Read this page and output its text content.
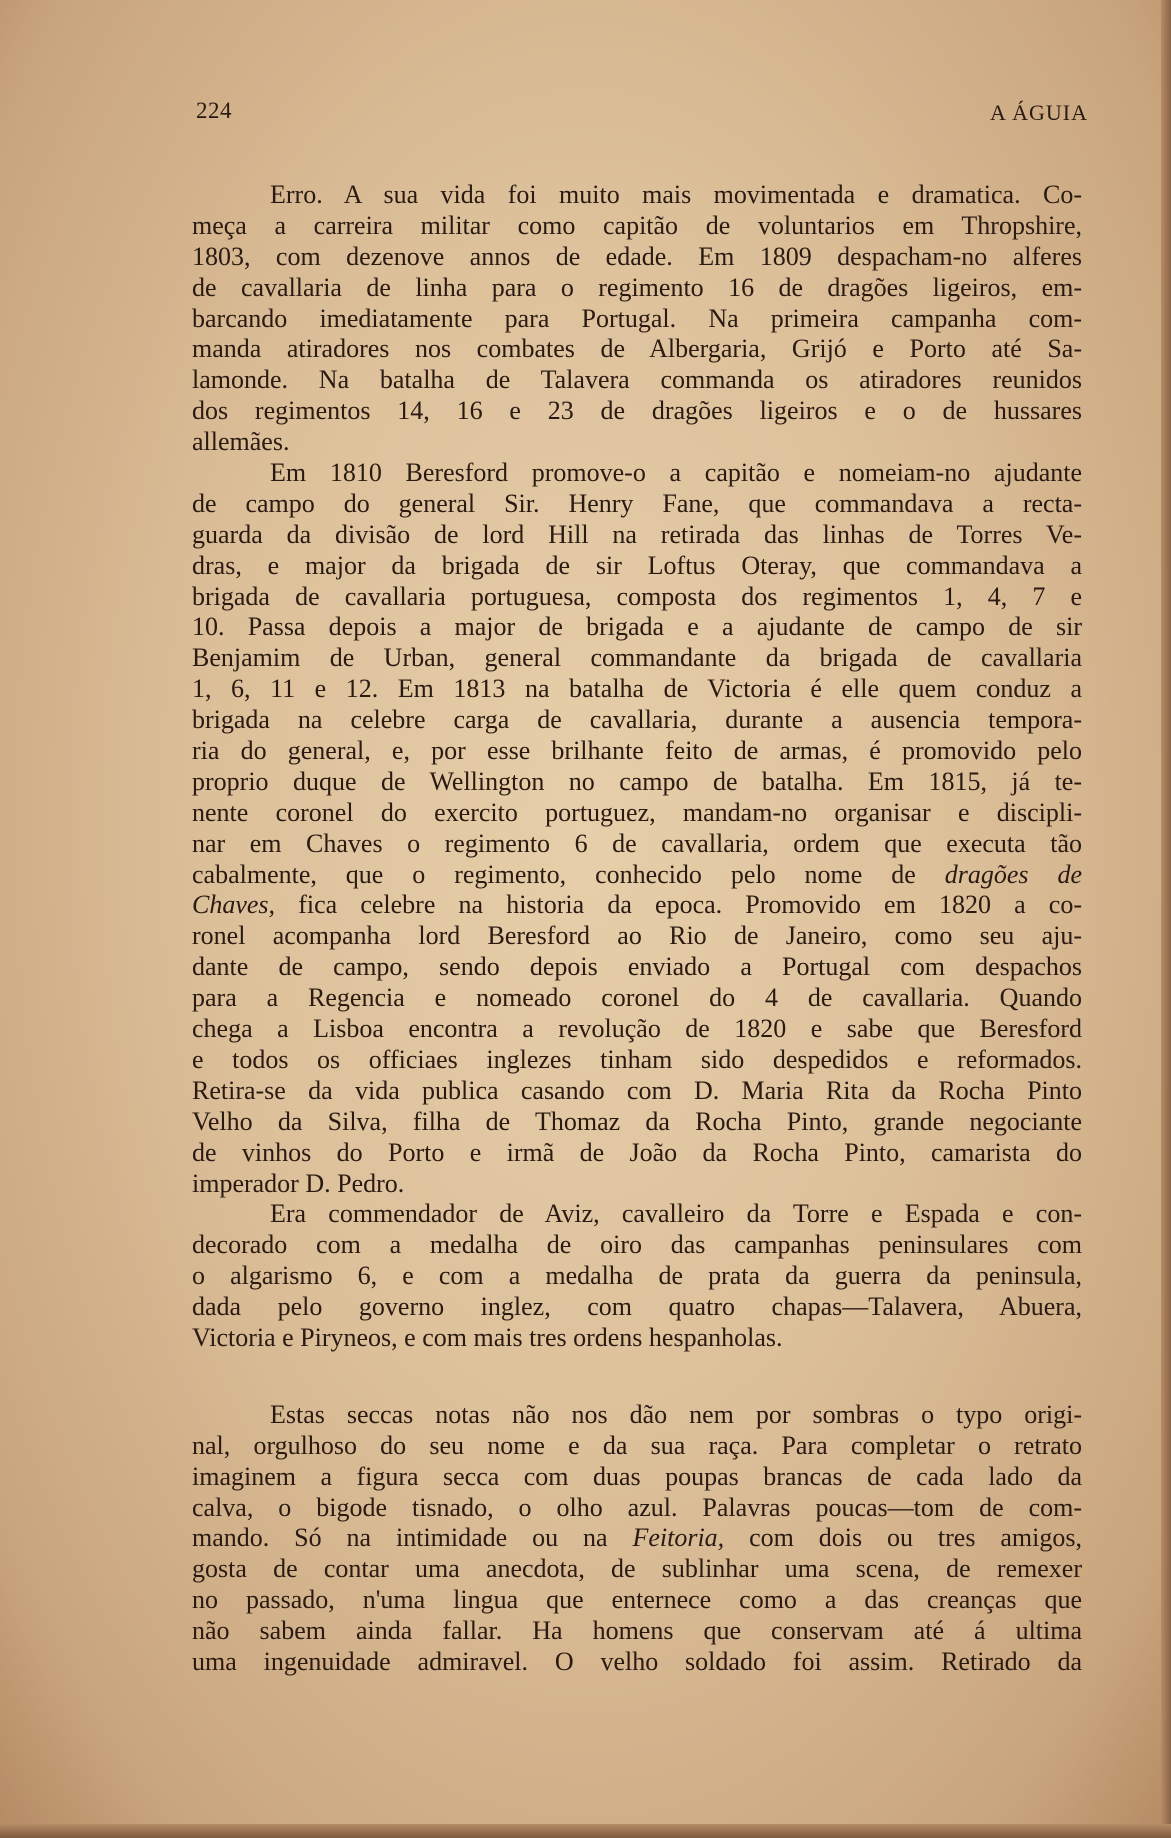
224	A ÁGUIA
Erro. A sua vida foi muito mais movimentada e dramatica. Co-
meça a carreira militar como capitão de voluntarios em Thropshire,
1803, com dezenove annos de edade. Em 1809 despacham-no alferes
de cavallaria de linha para o regimento 16 de dragões ligeiros, em-
barcando imediatamente para Portugal. Na primeira campanha com-
manda atiradores nos combates de Albergaria, Grijó e Porto até Sa-
lamonde. Na batalha de Talavera commanda os atiradores reunidos
dos regimentos 14, 16 e 23 de dragões ligeiros e o de hussares
allemães.
Em 1810 Beresford promove-o a capitão e nomeiam-no ajudante
de campo do general Sir. Henry Fane, que commandava a recta-
guarda da divisão de lord Hill na retirada das linhas de Torres Ve-
dras, e major da brigada de sir Loftus Oteray, que commandava a
brigada de cavallaria portuguesa, composta dos regimentos 1, 4, 7 e
10. Passa depois a major de brigada e a ajudante de campo de sir
Benjamim de Urban, general commandante da brigada de cavallaria
1, 6, 11 e 12. Em 1813 na batalha de Victoria é elle quem conduz a
brigada na celebre carga de cavallaria, durante a ausencia tempora-
ria do general, e, por esse brilhante feito de armas, é promovido pelo
proprio duque de Wellington no campo de batalha. Em 1815, já te-
nente coronel do exercito portuguez, mandam-no organisar e discipli-
nar em Chaves o regimento 6 de cavallaria, ordem que executa tão
cabalmente, que o regimento, conhecido pelo nome de dragões de
Chaves, fica celebre na historia da epoca. Promovido em 1820 a co-
ronel acompanha lord Beresford ao Rio de Janeiro, como seu aju-
dante de campo, sendo depois enviado a Portugal com despachos
para a Regencia e nomeado coronel do 4 de cavallaria. Quando
chega a Lisboa encontra a revolução de 1820 e sabe que Beresford
e todos os officiaes inglezes tinham sido despedidos e reformados.
Retira-se da vida publica casando com D. Maria Rita da Rocha Pinto
Velho da Silva, filha de Thomaz da Rocha Pinto, grande negociante
de vinhos do Porto e irmã de João da Rocha Pinto, camarista do
imperador D. Pedro.
Era commendador de Aviz, cavalleiro da Torre e Espada e con-
decorado com a medalha de oiro das campanhas peninsulares com
o algarismo 6, e com a medalha de prata da guerra da peninsula,
dada pelo governo inglez, com quatro chapas—Talavera, Abuera,
Victoria e Piryneos, e com mais tres ordens hespanholas.
Estas seccas notas não nos dão nem por sombras o typo origi-
nal, orgulhoso do seu nome e da sua raça. Para completar o retrato
imaginem a figura secca com duas poupas brancas de cada lado da
calva, o bigode tisnado, o olho azul. Palavras poucas—tom de com-
mando. Só na intimidade ou na Feitoria, com dois ou tres amigos,
gosta de contar uma anecdota, de sublinhar uma scena, de remexer
no passado, n'uma lingua que enternece como a das creanças que
não sabem ainda fallar. Ha homens que conservam até á ultima
uma ingenuidade admiravel. O velho soldado foi assim. Retirado da
